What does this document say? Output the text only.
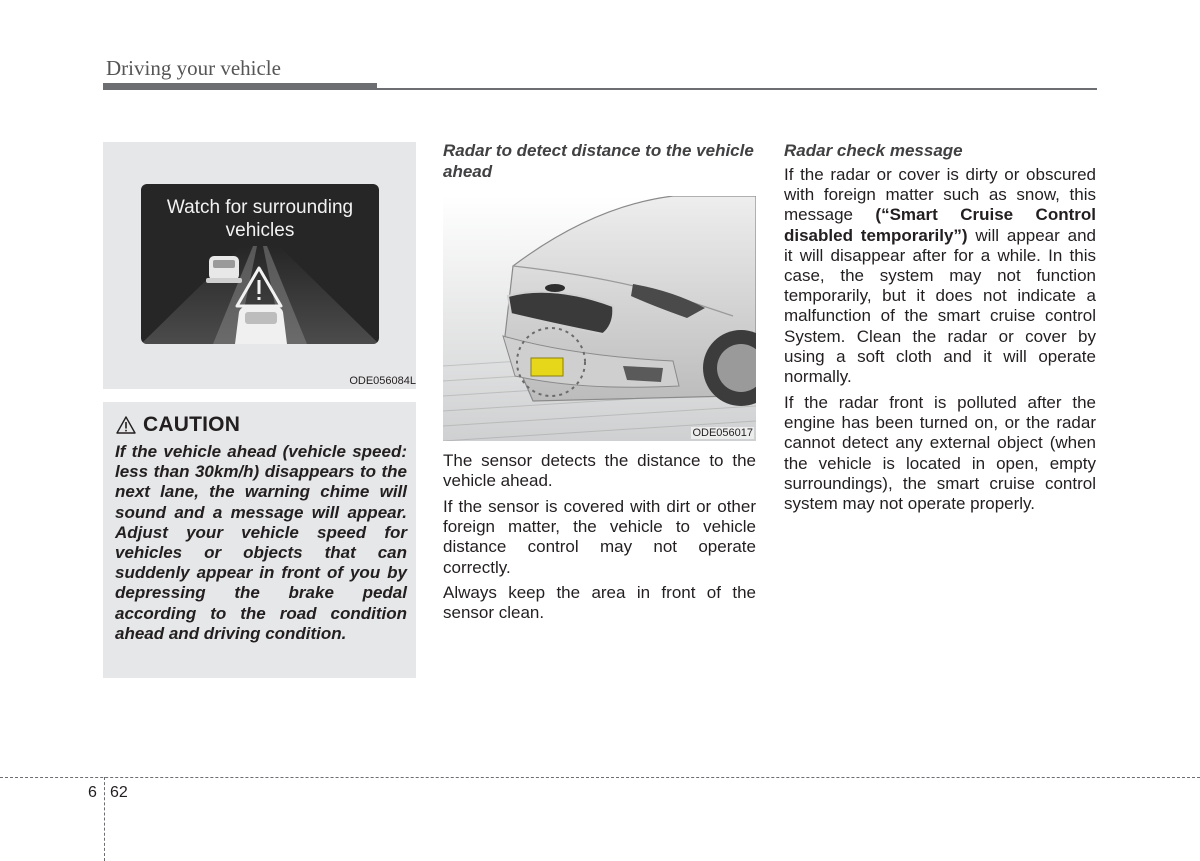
Driving your vehicle
Watch for surrounding
vehicles
ODE056084L
CAUTION

If the vehicle ahead (vehicle speed: less than 30km/h) disappears to the next lane, the warning chime will sound and a message will appear. Adjust your vehicle speed for vehicles or objects that can suddenly appear in front of you by depressing the brake pedal according to the road condition ahead and driving condition.

Radar to detect distance to the vehicle ahead
ODE056017

The sensor detects the distance to the vehicle ahead.

If the sensor is covered with dirt or other foreign matter, the vehicle to vehicle distance control may not operate correctly.

Always keep the area in front of the sensor clean.

Radar check message

If the radar or cover is dirty or obscured with foreign matter such as snow, this message (“Smart Cruise Control disabled temporarily”) will appear and it will disappear after for a while. In this case, the system may not function temporarily, but it does not indicate a malfunction of the smart cruise control System. Clean the radar or cover by using a soft cloth and it will operate normally.

If the radar front is polluted after the engine has been turned on, or the radar cannot detect any external object (when the vehicle is located in open, empty surroundings), the smart cruise control system may not operate properly.

6 62
